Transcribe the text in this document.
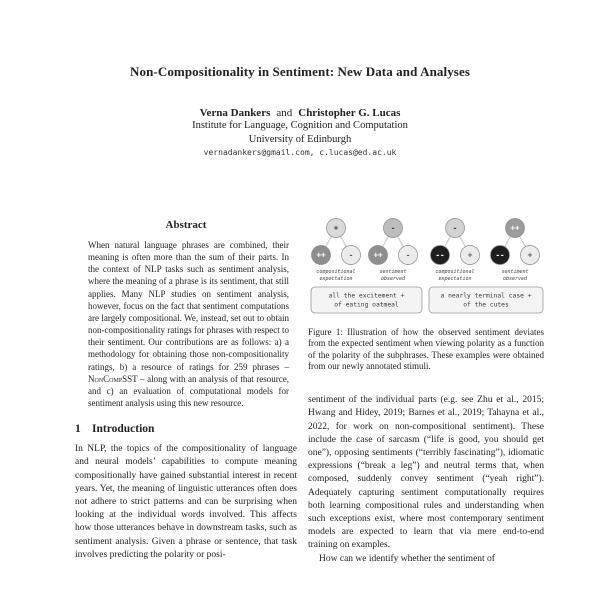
Non-Compositionality in Sentiment: New Data and Analyses
Verna Dankers and Christopher G. Lucas
Institute for Language, Cognition and Computation
University of Edinburgh
vernadankers@gmail.com, c.lucas@ed.ac.uk
Abstract

When natural language phrases are combined, their meaning is often more than the sum of their parts. In the context of NLP tasks such as sentiment analysis, where the meaning of a phrase is its sentiment, that still applies. Many NLP studies on sentiment analysis, however, focus on the fact that sentiment computations are largely compositional. We, instead, set out to obtain non-compositionality ratings for phrases with respect to their sentiment. Our contributions are as follows: a) a methodology for obtaining those non-compositionality ratings, b) a resource of ratings for 259 phrases – NonCompSST – along with an analysis of that resource, and c) an evaluation of computational models for sentiment analysis using this new resource.

1 Introduction

In NLP, the topics of the compositionality of language and neural models’ capabilities to compute meaning compositionally have gained substantial interest in recent years. Yet, the meaning of linguistic utterances often does not adhere to strict patterns and can be surprising when looking at the individual words involved. This affects how those utterances behave in downstream tasks, such as sentiment analysis. Given a phrase or sentence, that task involves predicting the polarity or posi-

+
++	-
compositional
expectation
-
++	-
sentiment
observed
all the excitement +
of eating oatmeal
-
--	+
compositional
expectation
++
--	+
sentiment
observed
a nearly terminal case +
of the cutes
Figure 1: Illustration of how the observed sentiment deviates from the expected sentiment when viewing polarity as a function of the polarity of the subphrases. These examples were obtained from our newly annotated stimuli.

sentiment of the individual parts (e.g. see Zhu et al., 2015; Hwang and Hidey, 2019; Barnes et al., 2019; Tahayna et al., 2022, for work on non-compositional sentiment). These include the case of sarcasm (“life is good, you should get one”), opposing sentiments (“terribly fascinating”), idiomatic expressions (“break a leg”) and neutral terms that, when composed, suddenly convey sentiment (“yeah right”). Adequately capturing sentiment computationally requires both learning compositional rules and understanding when such exceptions exist, where most contemporary sentiment models are expected to learn that via mere end-to-end training on examples.

How can we identify whether the sentiment of
